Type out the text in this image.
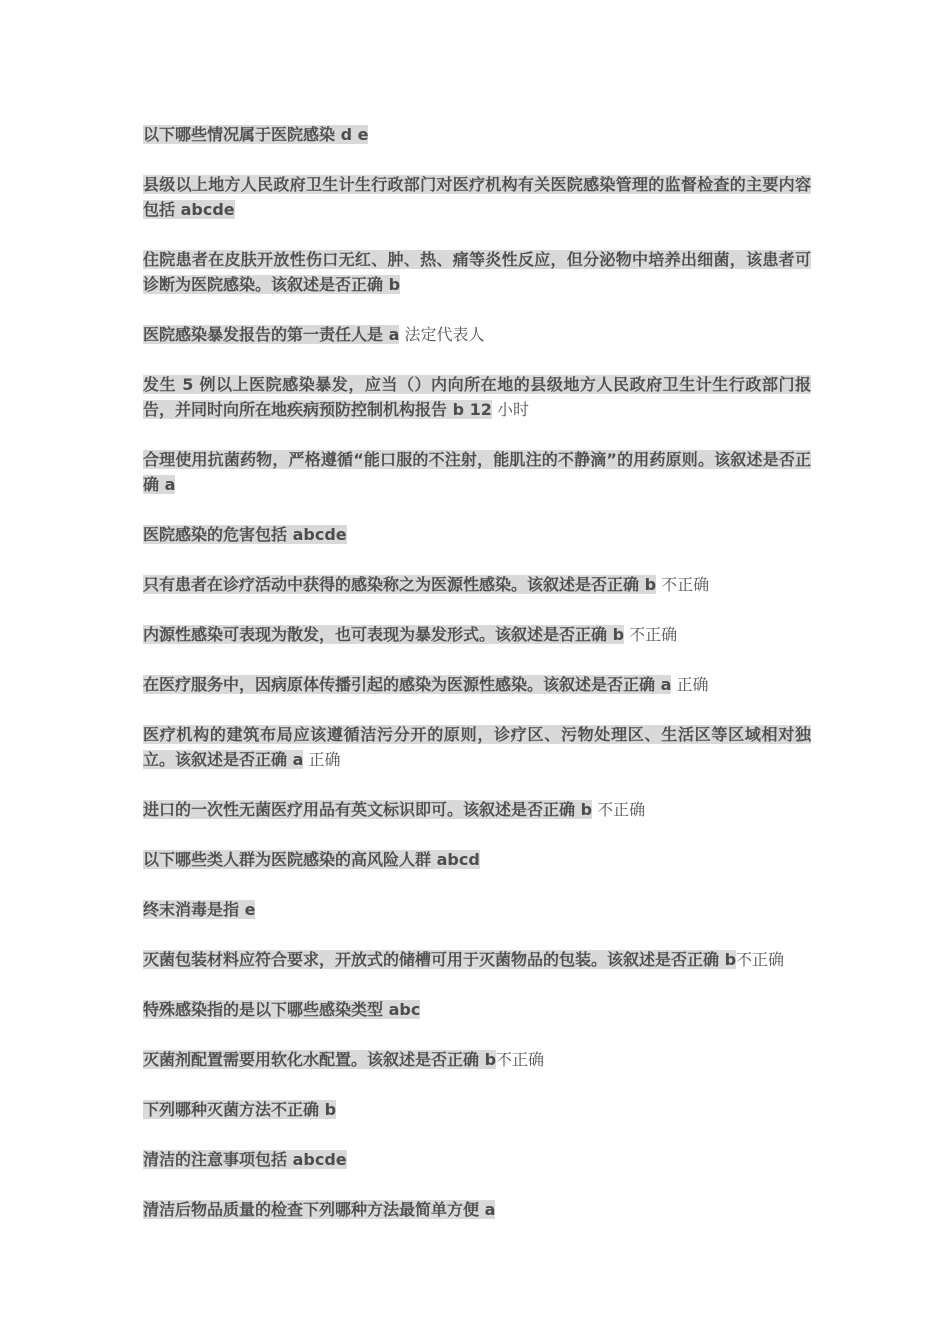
以下哪些情况属于医院感染 d e

县级以上地方人民政府卫生计生行政部门对医疗机构有关医院感染管理的监督检查的主要内容包括 abcde

住院患者在皮肤开放性伤口无红、肿、热、痛等炎性反应，但分泌物中培养出细菌，该患者可诊断为医院感染。该叙述是否正确 b

医院感染暴发报告的第一责任人是 a 法定代表人

发生 5 例以上医院感染暴发，应当（）内向所在地的县级地方人民政府卫生计生行政部门报告，并同时向所在地疾病预防控制机构报告 b 12 小时

合理使用抗菌药物，严格遵循“能口服的不注射，能肌注的不静滴”的用药原则。该叙述是否正确 a

医院感染的危害包括 abcde

只有患者在诊疗活动中获得的感染称之为医源性感染。该叙述是否正确 b 不正确

内源性感染可表现为散发，也可表现为暴发形式。该叙述是否正确 b 不正确

在医疗服务中，因病原体传播引起的感染为医源性感染。该叙述是否正确 a 正确

医疗机构的建筑布局应该遵循洁污分开的原则，诊疗区、污物处理区、生活区等区域相对独立。该叙述是否正确 a 正确

进口的一次性无菌医疗用品有英文标识即可。该叙述是否正确 b 不正确

以下哪些类人群为医院感染的高风险人群 abcd

终末消毒是指 e

灭菌包装材料应符合要求，开放式的储槽可用于灭菌物品的包装。该叙述是否正确 b不正确

特殊感染指的是以下哪些感染类型 abc

灭菌剂配置需要用软化水配置。该叙述是否正确 b不正确

下列哪种灭菌方法不正确 b

清洁的注意事项包括 abcde

清洁后物品质量的检查下列哪种方法最简单方便 a
